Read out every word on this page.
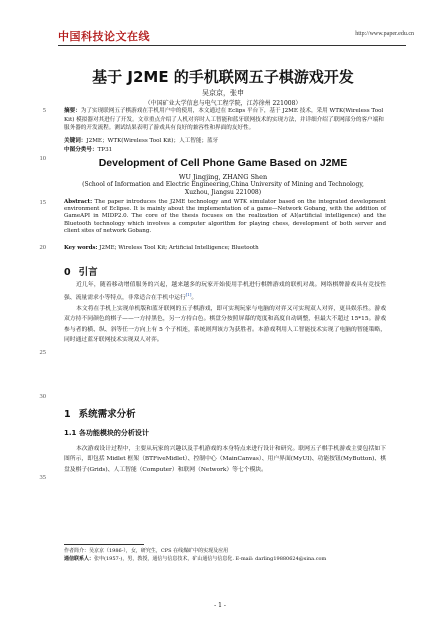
中国科技论文在线	http://www.paper.edu.cn
5
10
15
20
25
30
35
基于 J2ME 的手机联网五子棋游戏开发
吴京京，张申
（中国矿业大学信息与电气工程学院，江苏徐州 221008）
摘要：为了实现联网五子棋游戏在手机用户中的使用，本文通过在 Eclips 平台下，基于 J2ME 技术，采用 WTK(Wireless Tool Kit) 模拟器对其进行了开发。文章重点介绍了人机对弈时人工智能和蓝牙联网技术的实现方法，并详细介绍了联网部分的客户端和服务器的开发流程。测试结果表明了游戏具有良好的兼容性和界面的友好性。
关键词：J2ME；WTK(Wireless Tool Kit)；人工智能；蓝牙
中图分类号：TP31
Development of Cell Phone Game Based on J2ME
WU Jingjing, ZHANG Shen
(School of Information and Electric Engineering,China University of Mining and Technology,
Xuzhou, Jiangsu 221008)
Abstract: The paper introduces the J2ME technology and WTK simulator based on the integrated development environment of Eclipse. It is mainly about the implementation of a game—Network Gobang, with the addition of GameAPI in MIDP2.0. The core of the thesis focuses on the realization of AI(artificial intelligence) and the Bluetooth technology which involves a computer algorithm for playing chess, development of both server and client sites of network Gobang.
Key words: J2ME; Wireless Tool Kit; Artificial Intelligence; Bluetooth
0 引言

近几年，随着移动增值服务的兴起，越来越多的玩家开始使用手机进行棋牌游戏的联机对战。网络棋牌游戏具有竞技性强、流量需求小等特点，非常适合在手机中运行[1]。

本文将在手机上实现单机版和蓝牙联网的五子棋游戏，即可实现玩家与电脑的对弈又可实现双人对弈，更具娱乐性。游戏双方持不同颜色的棋子——一方持黑色，另一方持白色。棋盘分按照屏幕的宽度和高度自动调整，但最大不超过 15*15。游戏参与者的横、纵、斜等任一方向上有 5 个子相连，系统则判该方为获胜者。本游戏利用人工智能技术实现了电脑的智能策略，同时通过蓝牙联网技术实现双人对弈。

1 系统需求分析
1.1 各功能模块的分析设计

本次游戏设计过程中，主要从玩家的兴趣以及手机游戏的本身特点来进行设计和研究。联网五子棋手机游戏主要包括如下图所示，即包括 Midlet 框架（BTFiveMidlet）、控制中心（MainCanvas）、用户界面(MyUI)、功能按钮(MyButton)、棋盘及棋子(Grids)、人工智能（Computer）和联网（Network）等七个模块。

作者简介：吴京京（1986-），女，研究生，CPS 在线煤矿中的实现及应用
通信联系人：张申(1957-)，男，教授，通信与信息技术，矿山通信与信息化. E-mail: darling19880624@sina.com
- 1 -
